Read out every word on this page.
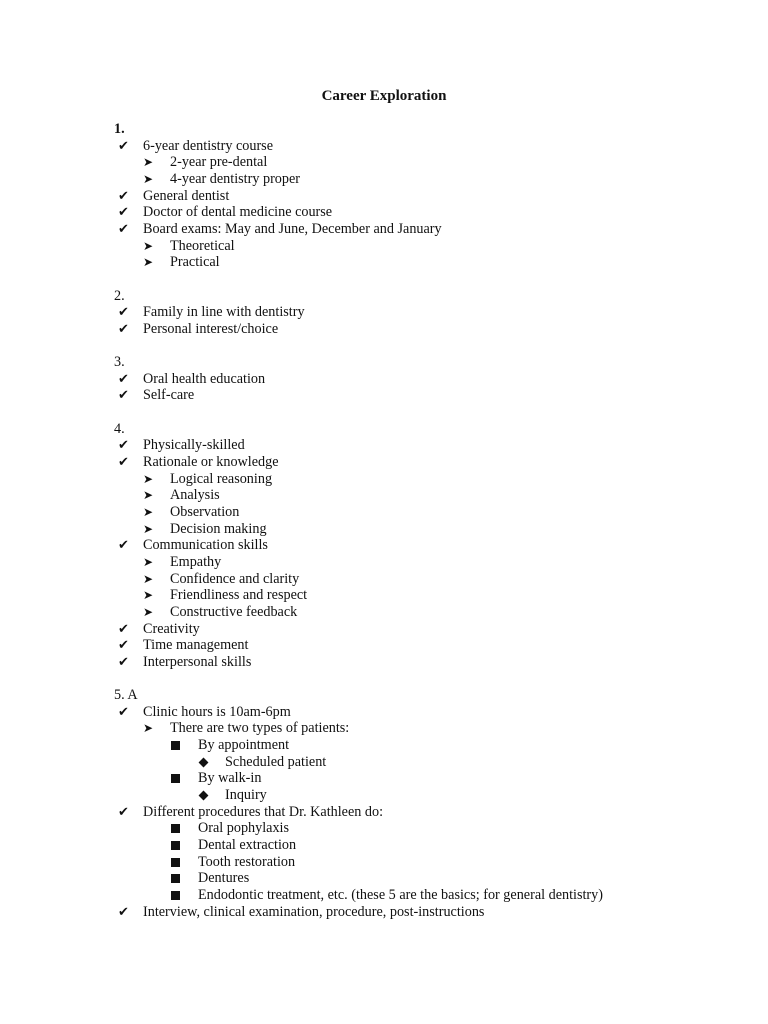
Career Exploration
1.
✔ 6-year dentistry course
➤ 2-year pre-dental
➤ 4-year dentistry proper
✔ General dentist
✔ Doctor of dental medicine course
✔ Board exams: May and June, December and January
➤ Theoretical
➤ Practical
2.
✔ Family in line with dentistry
✔ Personal interest/choice
3.
✔ Oral health education
✔ Self-care
4.
✔ Physically-skilled
✔ Rationale or knowledge
➤ Logical reasoning
➤ Analysis
➤ Observation
➤ Decision making
✔ Communication skills
➤ Empathy
➤ Confidence and clarity
➤ Friendliness and respect
➤ Constructive feedback
✔ Creativity
✔ Time management
✔ Interpersonal skills
5. A
✔ Clinic hours is 10am-6pm
➤ There are two types of patients:
By appointment
Scheduled patient
By walk-in
Inquiry
✔ Different procedures that Dr. Kathleen do:
Oral pophylaxis
Dental extraction
Tooth restoration
Dentures
Endodontic treatment, etc. (these 5 are the basics; for general dentistry)
✔ Interview, clinical examination, procedure, post-instructions
